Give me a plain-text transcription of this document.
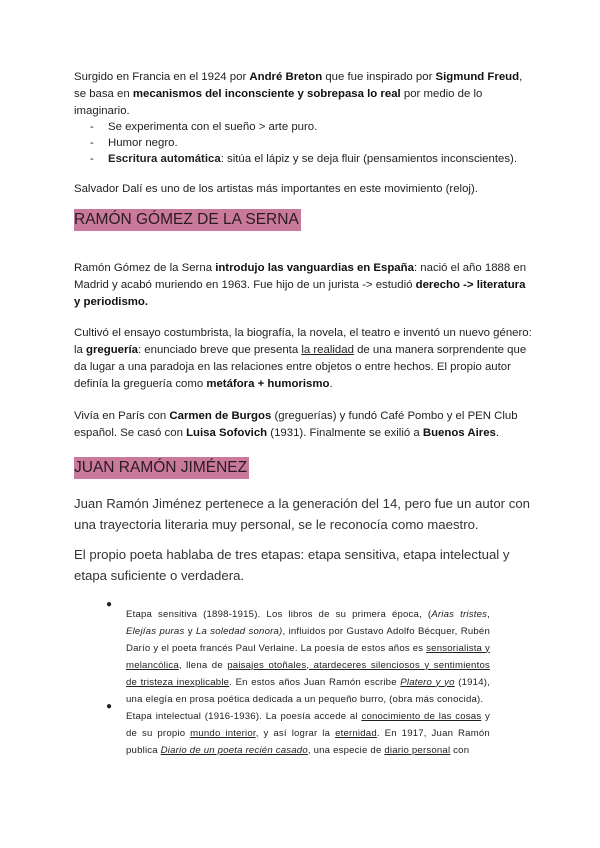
Surgido en Francia en el 1924 por André Breton que fue inspirado por Sigmund Freud, se basa en mecanismos del inconsciente y sobrepasa lo real por medio de lo imaginario.

- Se experimenta con el sueño > arte puro.
- Humor negro.
- Escritura automática: sitúa el lápiz y se deja fluir (pensamientos inconscientes).

Salvador Dalí es uno de los artistas más importantes en este movimiento (reloj).

RAMÓN GÓMEZ DE LA SERNA

Ramón Gómez de la Serna introdujo las vanguardias en España: nació el año 1888 en Madrid y acabó muriendo en 1963. Fue hijo de un jurista -> estudió derecho -> literatura y periodismo.

Cultivó el ensayo costumbrista, la biografía, la novela, el teatro e inventó un nuevo género: la greguería: enunciado breve que presenta la realidad de una manera sorprendente que da lugar a una paradoja en las relaciones entre objetos o entre hechos. El propio autor definía la greguería como metáfora + humorismo.

Vivía en París con Carmen de Burgos (greguerías) y fundó Café Pombo y el PEN Club español. Se casó con Luisa Sofovich (1931). Finalmente se exilió a Buenos Aires.

JUAN RAMÓN JIMÉNEZ

Juan Ramón Jiménez pertenece a la generación del 14, pero fue un autor con una trayectoria literaria muy personal, se le reconocía como maestro.

El propio poeta hablaba de tres etapas: etapa sensitiva, etapa intelectual y etapa suficiente o verdadera.

●

Etapa sensitiva (1898-1915). Los libros de su primera época, (Arias tristes, Elejías puras y La soledad sonora), influidos por Gustavo Adolfo Bécquer, Rubén Darío y el poeta francés Paul Verlaine. La poesía de estos años es sensorialista y melancólica, llena de paisajes otoñales, atardeceres silenciosos y sentimientos de tristeza inexplicable. En estos años Juan Ramón escribe Platero y yo (1914), una elegía en prosa poética dedicada a un pequeño burro, (obra más conocida).

●

Etapa intelectual (1916-1936). La poesía accede al conocimiento de las cosas y de su propio mundo interior, y así lograr la eternidad. En 1917, Juan Ramón publica Diario de un poeta recién casado, una especie de diario personal con
